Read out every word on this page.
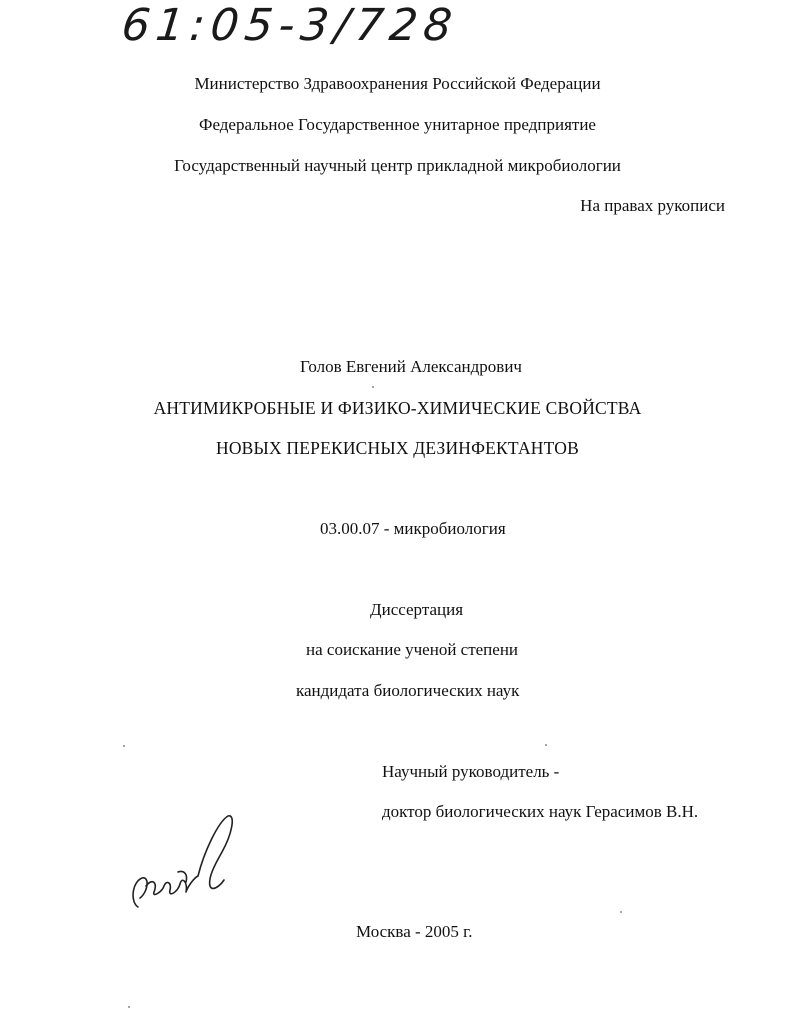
61:05-3/728
Министерство Здравоохранения Российской Федерации
Федеральное Государственное унитарное предприятие
Государственный научный центр прикладной микробиологии
На правах рукописи
Голов Евгений Александрович
АНТИМИКРОБНЫЕ И ФИЗИКО-ХИМИЧЕСКИЕ СВОЙСТВА
НОВЫХ ПЕРЕКИСНЫХ ДЕЗИНФЕКТАНТОВ
03.00.07 - микробиология
Диссертация
на соискание ученой степени
кандидата биологических наук
Научный руководитель -
доктор биологических наук Герасимов В.Н.
Москва - 2005 г.
